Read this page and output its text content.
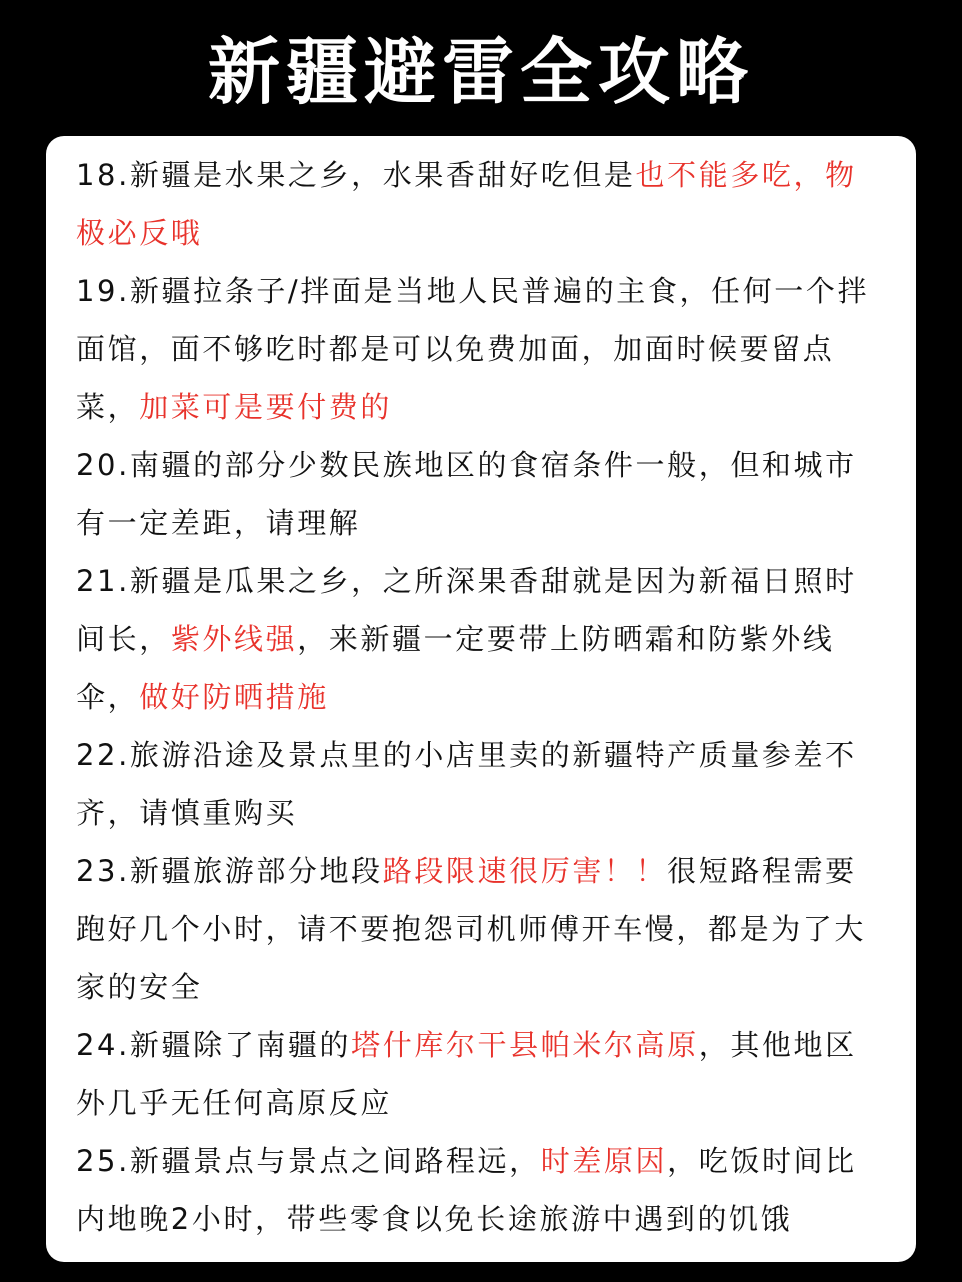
新疆避雷全攻略
18.新疆是水果之乡，水果香甜好吃但是也不能多吃，物极必反哦
19.新疆拉条子/拌面是当地人民普遍的主食，任何一个拌面馆，面不够吃时都是可以免费加面，加面时候要留点菜，加菜可是要付费的
20.南疆的部分少数民族地区的食宿条件一般，但和城市有一定差距，请理解
21.新疆是瓜果之乡，之所深果香甜就是因为新福日照时间长，紫外线强，来新疆一定要带上防晒霜和防紫外线伞，做好防晒措施
22.旅游沿途及景点里的小店里卖的新疆特产质量参差不齐，请慎重购买
23.新疆旅游部分地段路段限速很厉害！！很短路程需要跑好几个小时，请不要抱怨司机师傅开车慢，都是为了大家的安全
24.新疆除了南疆的塔什库尔干县帕米尔高原，其他地区外几乎无任何高原反应
25.新疆景点与景点之间路程远，时差原因，吃饭时间比内地晚2小时，带些零食以免长途旅游中遇到的饥饿
